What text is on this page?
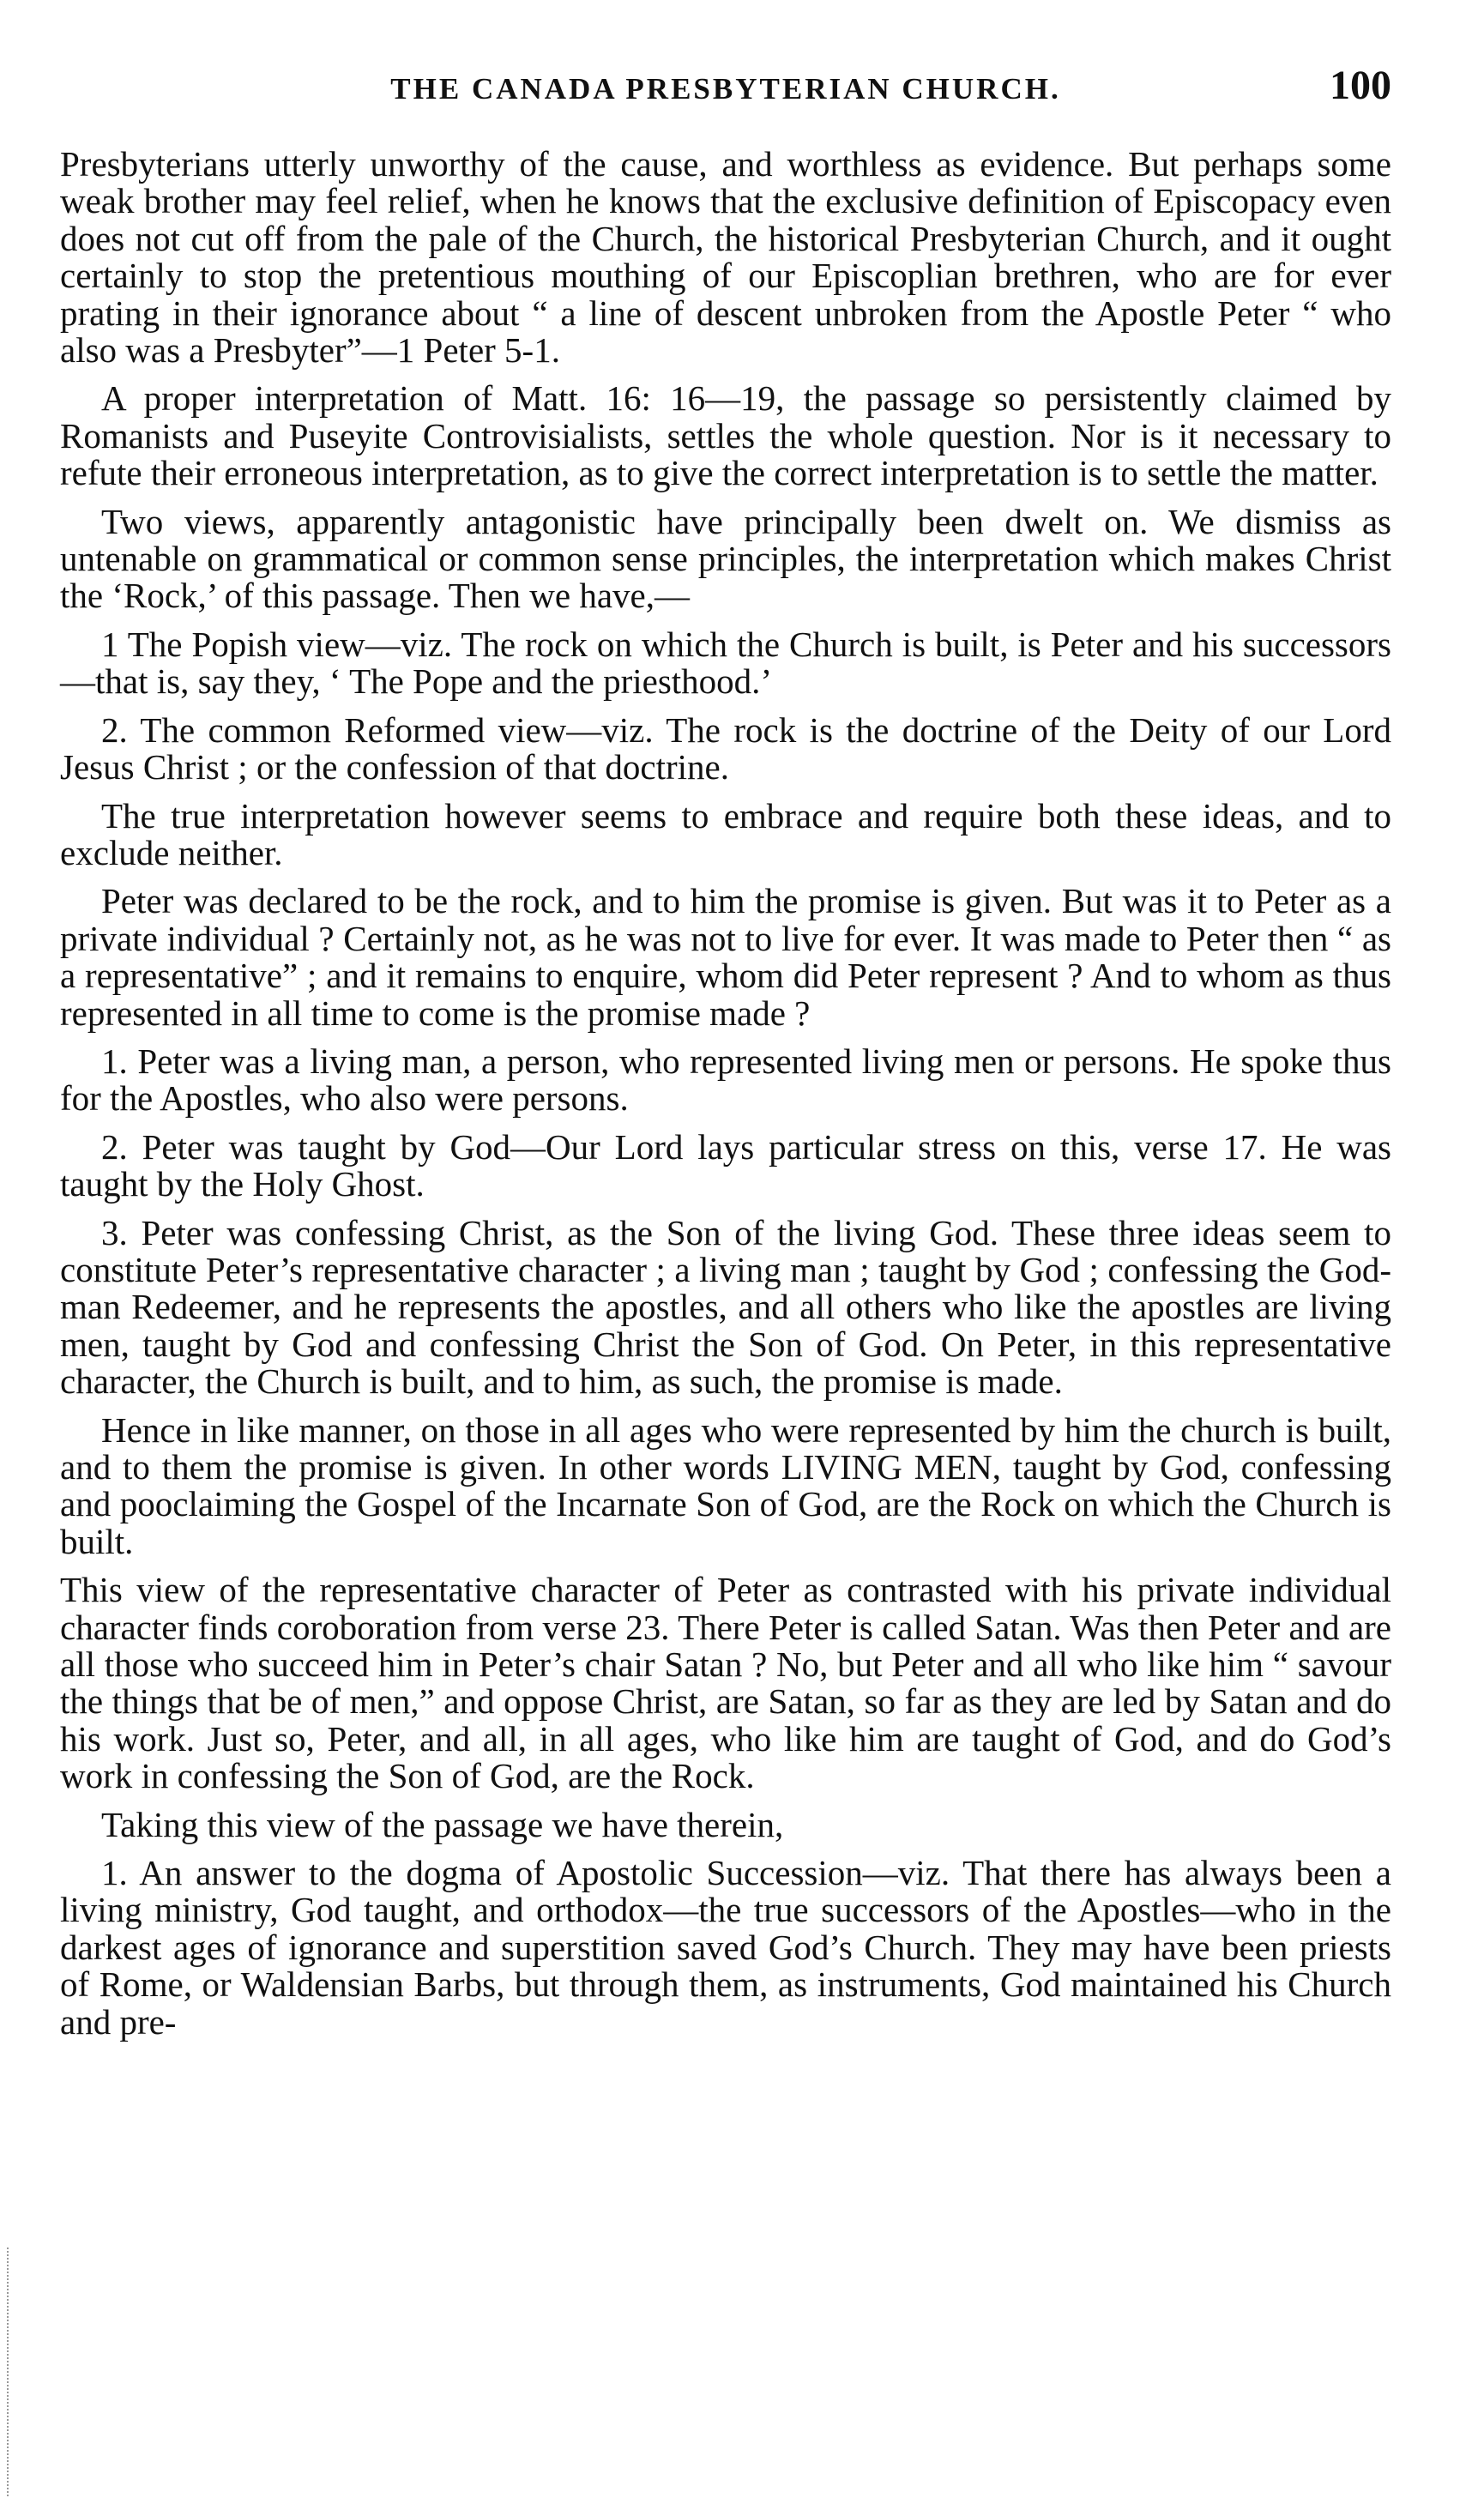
THE CANADA PRESBYTERIAN CHURCH.	100

Presbyterians utterly unworthy of the cause, and worthless as evidence. But perhaps some weak brother may feel relief, when he knows that the exclusive definition of Episcopacy even does not cut off from the pale of the Church, the historical Presbyterian Church, and it ought certainly to stop the pretentious mouthing of our Episcoplian brethren, who are for ever prating in their ignorance about “ a line of descent unbroken from the Apostle Peter “ who also was a Presbyter”—1 Peter 5-1.

A proper interpretation of Matt. 16: 16—19, the passage so persistently claimed by Romanists and Puseyite Controvisialists, settles the whole question. Nor is it necessary to refute their erroneous interpretation, as to give the correct interpretation is to settle the matter.

Two views, apparently antagonistic have principally been dwelt on. We dismiss as untenable on grammatical or common sense principles, the interpretation which makes Christ the ‘Rock,’ of this passage. Then we have,—

1 The Popish view—viz. The rock on which the Church is built, is Peter and his successors—that is, say they, ‘ The Pope and the priesthood.’

2. The common Reformed view—viz. The rock is the doctrine of the Deity of our Lord Jesus Christ ; or the confession of that doctrine.

The true interpretation however seems to embrace and require both these ideas, and to exclude neither.

Peter was declared to be the rock, and to him the promise is given. But was it to Peter as a private individual ? Certainly not, as he was not to live for ever. It was made to Peter then “ as a representative” ; and it remains to enquire, whom did Peter represent ? And to whom as thus represented in all time to come is the promise made ?

1. Peter was a living man, a person, who represented living men or persons. He spoke thus for the Apostles, who also were persons.

2. Peter was taught by God—Our Lord lays particular stress on this, verse 17. He was taught by the Holy Ghost.

3. Peter was confessing Christ, as the Son of the living God. These three ideas seem to constitute Peter’s representative character ; a living man ; taught by God ; confessing the God-man Redeemer, and he represents the apostles, and all others who like the apostles are living men, taught by God and confessing Christ the Son of God. On Peter, in this representative character, the Church is built, and to him, as such, the promise is made.

Hence in like manner, on those in all ages who were represented by him the church is built, and to them the promise is given. In other words LIVING MEN, taught by God, confessing and pooclaiming the Gospel of the Incarnate Son of God, are the Rock on which the Church is built.

This view of the representative character of Peter as contrasted with his private individual character finds coroboration from verse 23. There Peter is called Satan. Was then Peter and are all those who succeed him in Peter’s chair Satan ? No, but Peter and all who like him “ savour the things that be of men,” and oppose Christ, are Satan, so far as they are led by Satan and do his work. Just so, Peter, and all, in all ages, who like him are taught of God, and do God’s work in confessing the Son of God, are the Rock.

Taking this view of the passage we have therein,

1. An answer to the dogma of Apostolic Succession—viz. That there has always been a living ministry, God taught, and orthodox—the true successors of the Apostles—who in the darkest ages of ignorance and superstition saved God’s Church. They may have been priests of Rome, or Waldensian Barbs, but through them, as instruments, God maintained his Church and pre-
